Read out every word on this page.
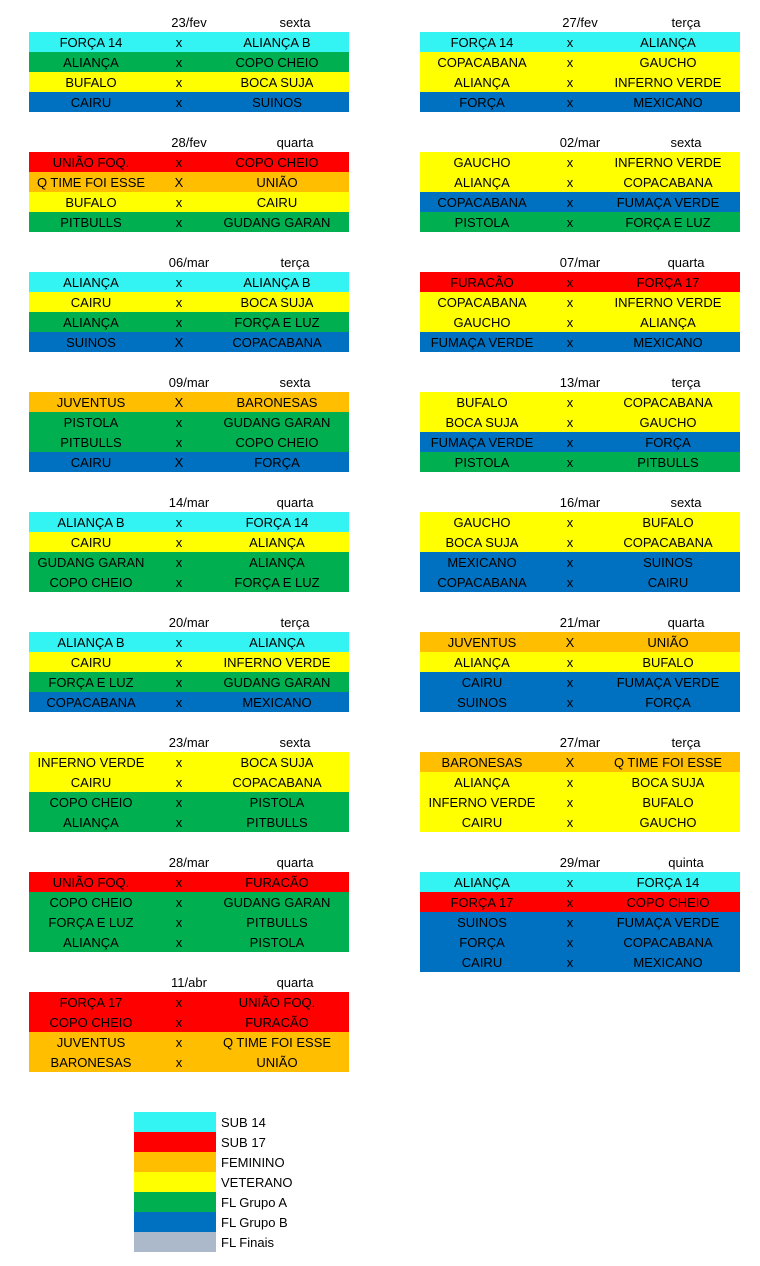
23/fev	sexta
FORÇA 14	x	ALIANÇA B
ALIANÇA	x	COPO CHEIO
BUFALO	x	BOCA SUJA
CAIRU	x	SUINOS
27/fev	terça
FORÇA 14	x	ALIANÇA
COPACABANA	x	GAUCHO
ALIANÇA	x	INFERNO VERDE
FORÇA	x	MEXICANO
28/fev	quarta
UNIÃO FOQ.	x	COPO CHEIO
Q TIME FOI ESSE	X	UNIÃO
BUFALO	x	CAIRU
PITBULLS	x	GUDANG GARAN
02/mar	sexta
GAUCHO	x	INFERNO VERDE
ALIANÇA	x	COPACABANA
COPACABANA	x	FUMAÇA VERDE
PISTOLA	x	FORÇA E LUZ
06/mar	terça
ALIANÇA	x	ALIANÇA B
CAIRU	x	BOCA SUJA
ALIANÇA	x	FORÇA E LUZ
SUINOS	X	COPACABANA
07/mar	quarta
FURACÃO	x	FORÇA 17
COPACABANA	x	INFERNO VERDE
GAUCHO	x	ALIANÇA
FUMAÇA VERDE	x	MEXICANO
09/mar	sexta
JUVENTUS	X	BARONESAS
PISTOLA	x	GUDANG GARAN
PITBULLS	x	COPO CHEIO
CAIRU	X	FORÇA
13/mar	terça
BUFALO	x	COPACABANA
BOCA SUJA	x	GAUCHO
FUMAÇA VERDE	x	FORÇA
PISTOLA	x	PITBULLS
14/mar	quarta
ALIANÇA B	x	FORÇA 14
CAIRU	x	ALIANÇA
GUDANG GARAN	x	ALIANÇA
COPO CHEIO	x	FORÇA E LUZ
16/mar	sexta
GAUCHO	x	BUFALO
BOCA SUJA	x	COPACABANA
MEXICANO	x	SUINOS
COPACABANA	x	CAIRU
20/mar	terça
ALIANÇA B	x	ALIANÇA
CAIRU	x	INFERNO VERDE
FORÇA E LUZ	x	GUDANG GARAN
COPACABANA	x	MEXICANO
21/mar	quarta
JUVENTUS	X	UNIÃO
ALIANÇA	x	BUFALO
CAIRU	x	FUMAÇA VERDE
SUINOS	x	FORÇA
23/mar	sexta
INFERNO VERDE	x	BOCA SUJA
CAIRU	x	COPACABANA
COPO CHEIO	x	PISTOLA
ALIANÇA	x	PITBULLS
27/mar	terça
BARONESAS	X	Q TIME FOI ESSE
ALIANÇA	x	BOCA SUJA
INFERNO VERDE	x	BUFALO
CAIRU	x	GAUCHO
28/mar	quarta
UNIÃO FOQ.	x	FURACÃO
COPO CHEIO	x	GUDANG GARAN
FORÇA E LUZ	x	PITBULLS
ALIANÇA	x	PISTOLA
29/mar	quinta
ALIANÇA	x	FORÇA 14
FORÇA 17	x	COPO CHEIO
SUINOS	x	FUMAÇA VERDE
FORÇA	x	COPACABANA
CAIRU	x	MEXICANO
11/abr	quarta
FORÇA 17	x	UNIÃO FOQ.
COPO CHEIO	x	FURACÃO
JUVENTUS	x	Q TIME FOI ESSE
BARONESAS	x	UNIÃO
SUB 14
SUB 17
FEMININO
VETERANO
FL Grupo A
FL Grupo B
FL Finais
